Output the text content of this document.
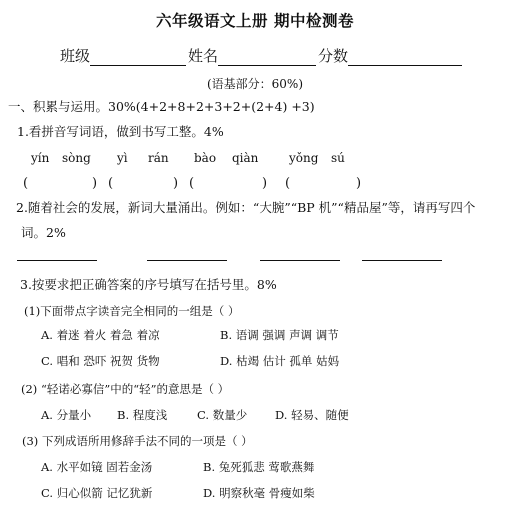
六年级语文上册 期中检测卷
班级	姓名	分数
(语基部分：60%)
一、积累与运用。30%(4+2+8+2+3+2+(2+4) +3)
1.看拼音写词语，做到书写工整。4%
yín sòng yì rán bào qiàn	yǒng sú
(	) (	) (	) (	)
2.随着社会的发展，新词大量涌出。例如：“大腕”“BP 机”“精品屋”等，请再写四个
词。2%
3.按要求把正确答案的序号填写在括号里。8%
(1)下面带点字读音完全相同的一组是（ ）
A. 着迷 着火 着急 着凉	B. 语调 强调 声调 调节
C. 唱和 恐吓 祝贺 货物	D. 枯竭 估计 孤单 姑妈
(2) “轻诺必寡信”中的“轻”的意思是（ ）
A. 分量小 B. 程度浅	C. 数量少 D. 轻易、随便
(3) 下列成语所用修辞手法不同的一项是（ ）
A. 水平如镜 固若金汤	B. 兔死狐悲 莺歌燕舞
C. 归心似箭 记忆犹新	D. 明察秋毫 骨瘦如柴
